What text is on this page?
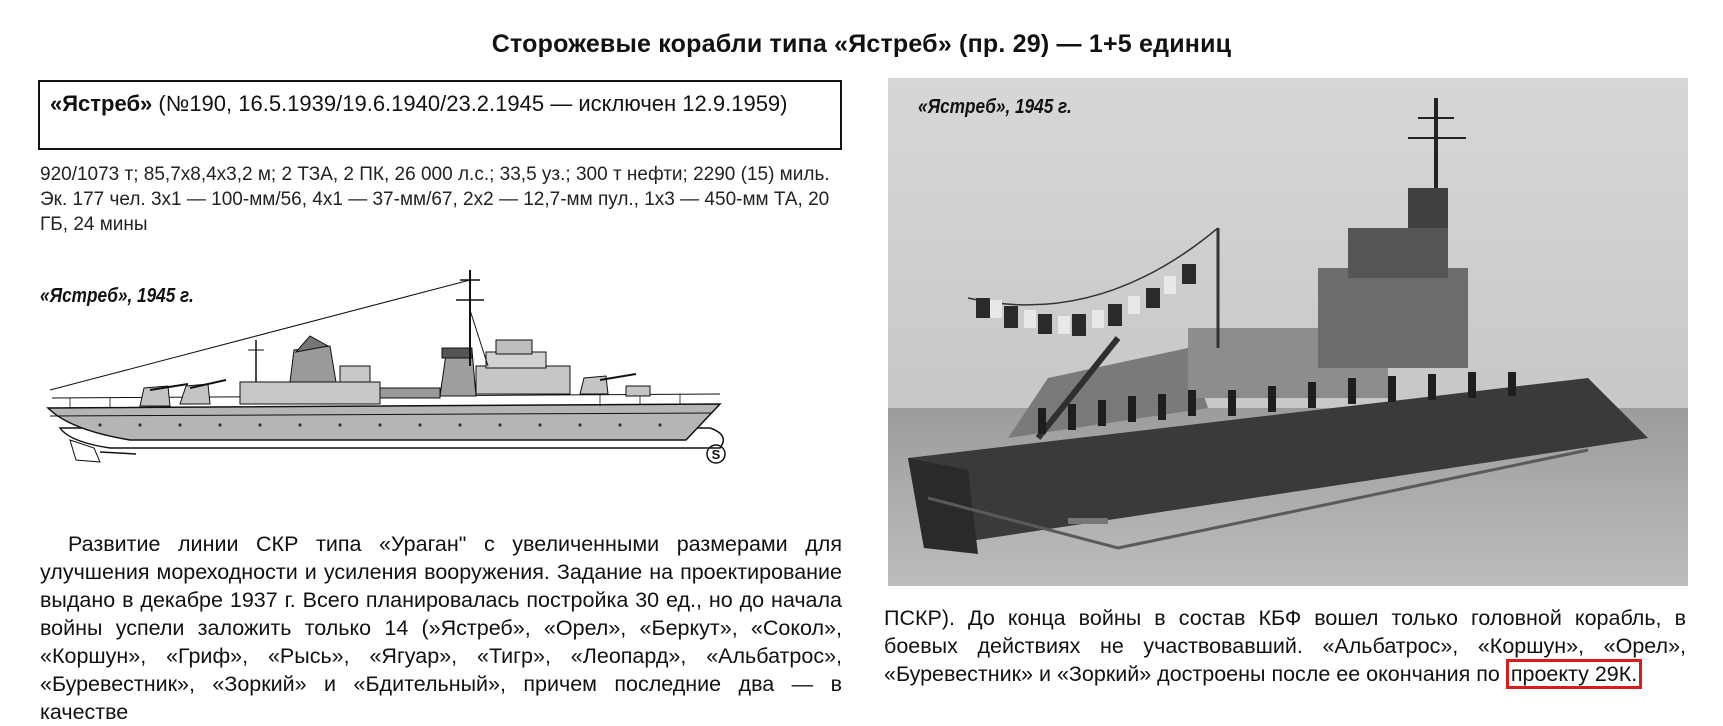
Сторожевые корабли типа «Ястреб» (пр. 29) — 1+5 единиц
«Ястреб» (№190, 16.5.1939/19.6.1940/23.2.1945 — исключен 12.9.1959)
920/1073 т; 85,7x8,4x3,2 м; 2 ТЗА, 2 ПК, 26 000 л.с.; 33,5 уз.; 300 т нефти; 2290 (15) миль. Эк. 177 чел. 3x1 — 100-мм/56, 4x1 — 37-мм/67, 2x2 — 12,7-мм пул., 1x3 — 450-мм ТА, 20 ГБ, 24 мины
«Ястреб», 1945 г.
S

Развитие линии СКР типа «Ураган" с увеличенными размерами для улучшения мореходности и усиления вооружения. Задание на проектирование выдано в декабре 1937 г. Всего планировалась постройка 30 ед., но до начала войны успели заложить только 14 (»Ястреб», «Орел», «Беркут», «Сокол», «Коршун», «Гриф», «Рысь», «Ягуар», «Тигр», «Леопард», «Альбатрос», «Буревестник», «Зоркий» и «Бдительный», причем последние два — в качестве

«Ястреб», 1945 г.

ПСКР). До конца войны в состав КБФ вошел только головной корабль, в боевых действиях не участвовавший. «Альбатрос», «Коршун», «Орел», «Буревестник» и «Зоркий» достроены после ее окончания по проекту 29К.
